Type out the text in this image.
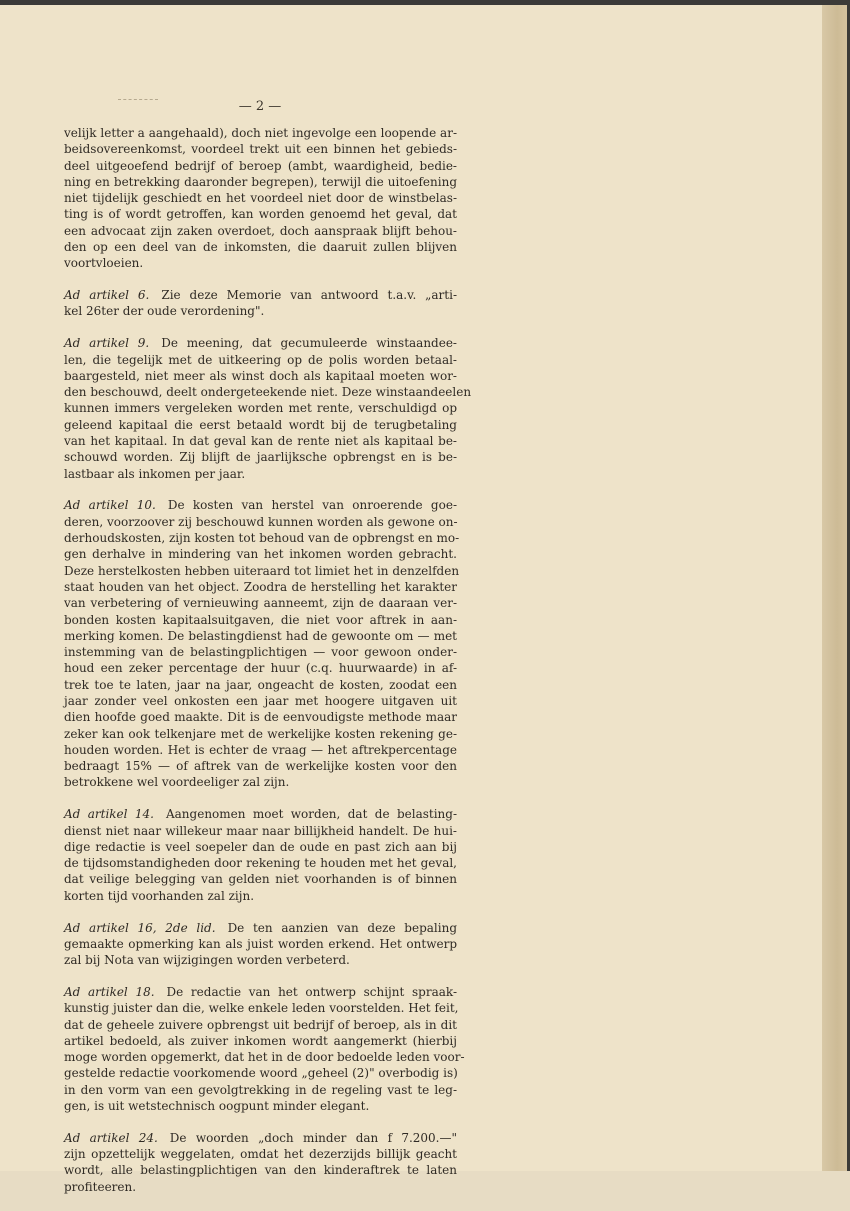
— 2 —

velijk letter a aangehaald), doch niet ingevolge een loopende ar-
beidsovereenkomst, voordeel trekt uit een binnen het gebieds-
deel uitgeoefend bedrijf of beroep (ambt, waardigheid, bedie-
ning en betrekking daaronder begrepen), terwijl die uitoefening
niet tijdelijk geschiedt en het voordeel niet door de winstbelas-
ting is of wordt getroffen, kan worden genoemd het geval, dat
een advocaat zijn zaken overdoet, doch aanspraak blijft behou-
den op een deel van de inkomsten, die daaruit zullen blijven
voortvloeien.

Ad artikel 6.  Zie deze Memorie van antwoord t.a.v. „arti-
kel 26ter der oude verordening".

Ad artikel 9.  De meening, dat gecumuleerde winstaandee-
len, die tegelijk met de uitkeering op de polis worden betaal-
baargesteld, niet meer als winst doch als kapitaal moeten wor-
den beschouwd, deelt ondergeteekende niet. Deze winstaandeelen
kunnen immers vergeleken worden met rente, verschuldigd op
geleend kapitaal die eerst betaald wordt bij de terugbetaling
van het kapitaal. In dat geval kan de rente niet als kapitaal be-
schouwd worden. Zij blijft de jaarlijksche opbrengst en is be-
lastbaar als inkomen per jaar.

Ad artikel 10.  De kosten van herstel van onroerende goe-
deren, voorzoover zij beschouwd kunnen worden als gewone on-
derhoudskosten, zijn kosten tot behoud van de opbrengst en mo-
gen derhalve in mindering van het inkomen worden gebracht.
Deze herstelkosten hebben uiteraard tot limiet het in denzelfden
staat houden van het object. Zoodra de herstelling het karakter
van verbetering of vernieuwing aanneemt, zijn de daaraan ver-
bonden kosten kapitaalsuitgaven, die niet voor aftrek in aan-
merking komen. De belastingdienst had de gewoonte om — met
instemming van de belastingplichtigen — voor gewoon onder-
houd een zeker percentage der huur (c.q. huurwaarde) in af-
trek toe te laten, jaar na jaar, ongeacht de kosten, zoodat een
jaar zonder veel onkosten een jaar met hoogere uitgaven uit
dien hoofde goed maakte. Dit is de eenvoudigste methode maar
zeker kan ook telkenjare met de werkelijke kosten rekening ge-
houden worden. Het is echter de vraag — het aftrekpercentage
bedraagt 15% — of aftrek van de werkelijke kosten voor den
betrokkene wel voordeeliger zal zijn.

Ad artikel 14.  Aangenomen moet worden, dat de belasting-
dienst niet naar willekeur maar naar billijkheid handelt. De hui-
dige redactie is veel soepeler dan de oude en past zich aan bij
de tijdsomstandigheden door rekening te houden met het geval,
dat veilige belegging van gelden niet voorhanden is of binnen
korten tijd voorhanden zal zijn.

Ad artikel 16, 2de lid.  De ten aanzien van deze bepaling
gemaakte opmerking kan als juist worden erkend. Het ontwerp
zal bij Nota van wijzigingen worden verbeterd.

Ad artikel 18.  De redactie van het ontwerp schijnt spraak-
kunstig juister dan die, welke enkele leden voorstelden. Het feit,
dat de geheele zuivere opbrengst uit bedrijf of beroep, als in dit
artikel bedoeld, als zuiver inkomen wordt aangemerkt (hierbij
moge worden opgemerkt, dat het in de door bedoelde leden voor-
gestelde redactie voorkomende woord „geheel (2)" overbodig is)
in den vorm van een gevolgtrekking in de regeling vast te leg-
gen, is uit wetstechnisch oogpunt minder elegant.

Ad artikel 24.  De woorden „doch minder dan f 7.200.—"
zijn opzettelijk weggelaten, omdat het dezerzijds billijk geacht
wordt, alle belastingplichtigen van den kinderaftrek te laten
profiteeren.
